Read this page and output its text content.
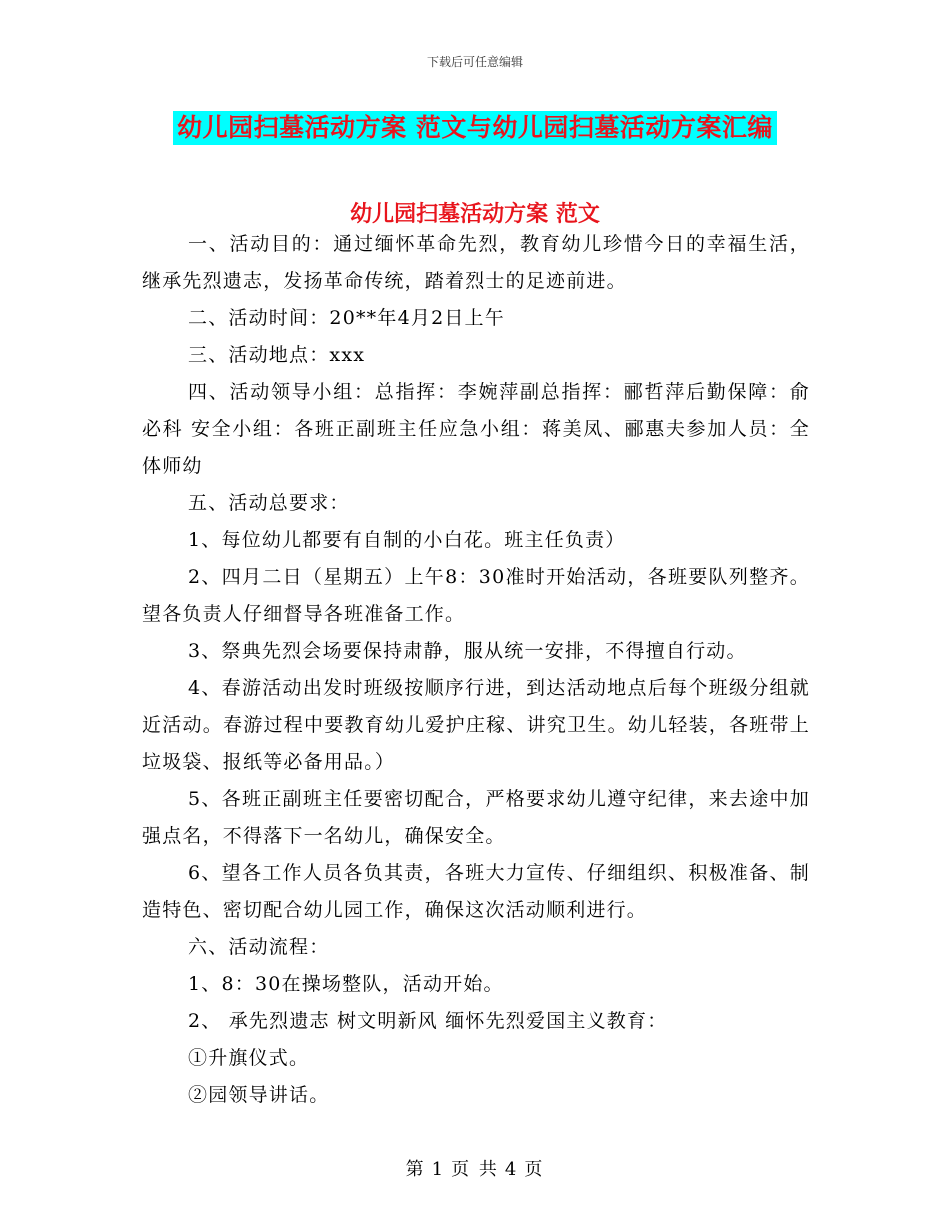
下载后可任意编辑
幼儿园扫墓活动方案 范文与幼儿园扫墓活动方案汇编
幼儿园扫墓活动方案 范文

一、活动目的：通过缅怀革命先烈，教育幼儿珍惜今日的幸福生活，继承先烈遗志，发扬革命传统，踏着烈士的足迹前进。

二、活动时间：20**年4月2日上午

三、活动地点：xxx

四、活动领导小组：总指挥：李婉萍副总指挥：郦哲萍后勤保障：俞必科 安全小组：各班正副班主任应急小组：蒋美凤、郦惠夫参加人员：全体师幼

五、活动总要求：

1、每位幼儿都要有自制的小白花。班主任负责）

2、四月二日（星期五）上午8：30准时开始活动，各班要队列整齐。望各负责人仔细督导各班准备工作。

3、祭典先烈会场要保持肃静，服从统一安排，不得擅自行动。

4、春游活动出发时班级按顺序行进，到达活动地点后每个班级分组就近活动。春游过程中要教育幼儿爱护庄稼、讲究卫生。幼儿轻装，各班带上垃圾袋、报纸等必备用品。）

5、各班正副班主任要密切配合，严格要求幼儿遵守纪律，来去途中加强点名，不得落下一名幼儿，确保安全。

6、望各工作人员各负其责，各班大力宣传、仔细组织、积极准备、制造特色、密切配合幼儿园工作，确保这次活动顺利进行。

六、活动流程：

1、8：30在操场整队，活动开始。

2、 承先烈遗志 树文明新风 缅怀先烈爱国主义教育：

①升旗仪式。

②园领导讲话。

第 1 页 共 4 页
